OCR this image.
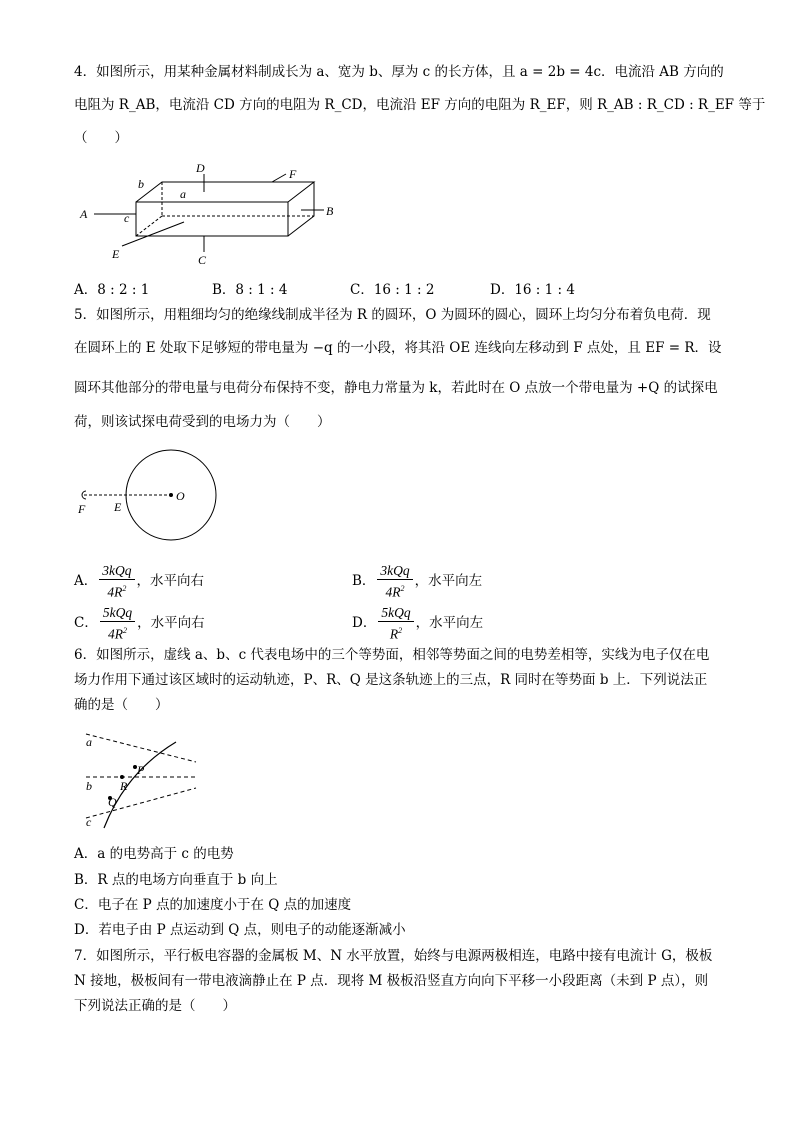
4．如图所示，用某种金属材料制成长为 a、宽为 b、厚为 c 的长方体，且 a = 2b = 4c．电流沿 AB 方向的
电阻为 R_AB，电流沿 CD 方向的电阻为 R_CD，电流沿 EF 方向的电阻为 R_EF，则 R_AB : R_CD : R_EF 等于
（　　）
A	B
C
D
E
F
a
b
c
A．8 : 2 : 1	B．8 : 1 : 4	C．16 : 1 : 2	D．16 : 1 : 4
5．如图所示，用粗细均匀的绝缘线制成半径为 R 的圆环，O 为圆环的圆心，圆环上均匀分布着负电荷．现
在圆环上的 E 处取下足够短的带电量为 −q 的一小段，将其沿 OE 连线向左移动到 F 点处，且 EF = R．设
圆环其他部分的带电量与电荷分布保持不变，静电力常量为 k，若此时在 O 点放一个带电量为 +Q 的试探电
荷，则该试探电荷受到的电场力为（　　）
O
E
F
A． $\frac{\text{3kQq}}{4R^2}$ ，水平向右	B． $\frac{\text{3kQq}}{4R^2}$ ，水平向左
C． $\frac{\text{5kQq}}{4R^2}$ ，水平向右	D． $\frac{\text{5kQq}}{R^2}$ ，水平向左
6．如图所示，虚线 a、b、c 代表电场中的三个等势面，相邻等势面之间的电势差相等，实线为电子仅在电
场力作用下通过该区域时的运动轨迹，P、R、Q 是这条轨迹上的三点，R 同时在等势面 b 上．下列说法正
确的是（　　）
a
b
c
P
R
Q
A．a 的电势高于 c 的电势
B．R 点的电场方向垂直于 b 向上
C．电子在 P 点的加速度小于在 Q 点的加速度
D．若电子由 P 点运动到 Q 点，则电子的动能逐渐减小
7．如图所示，平行板电容器的金属板 M、N 水平放置，始终与电源两极相连，电路中接有电流计 G，极板
N 接地，极板间有一带电液滴静止在 P 点．现将 M 极板沿竖直方向向下平移一小段距离（未到 P 点），则
下列说法正确的是（　　）
